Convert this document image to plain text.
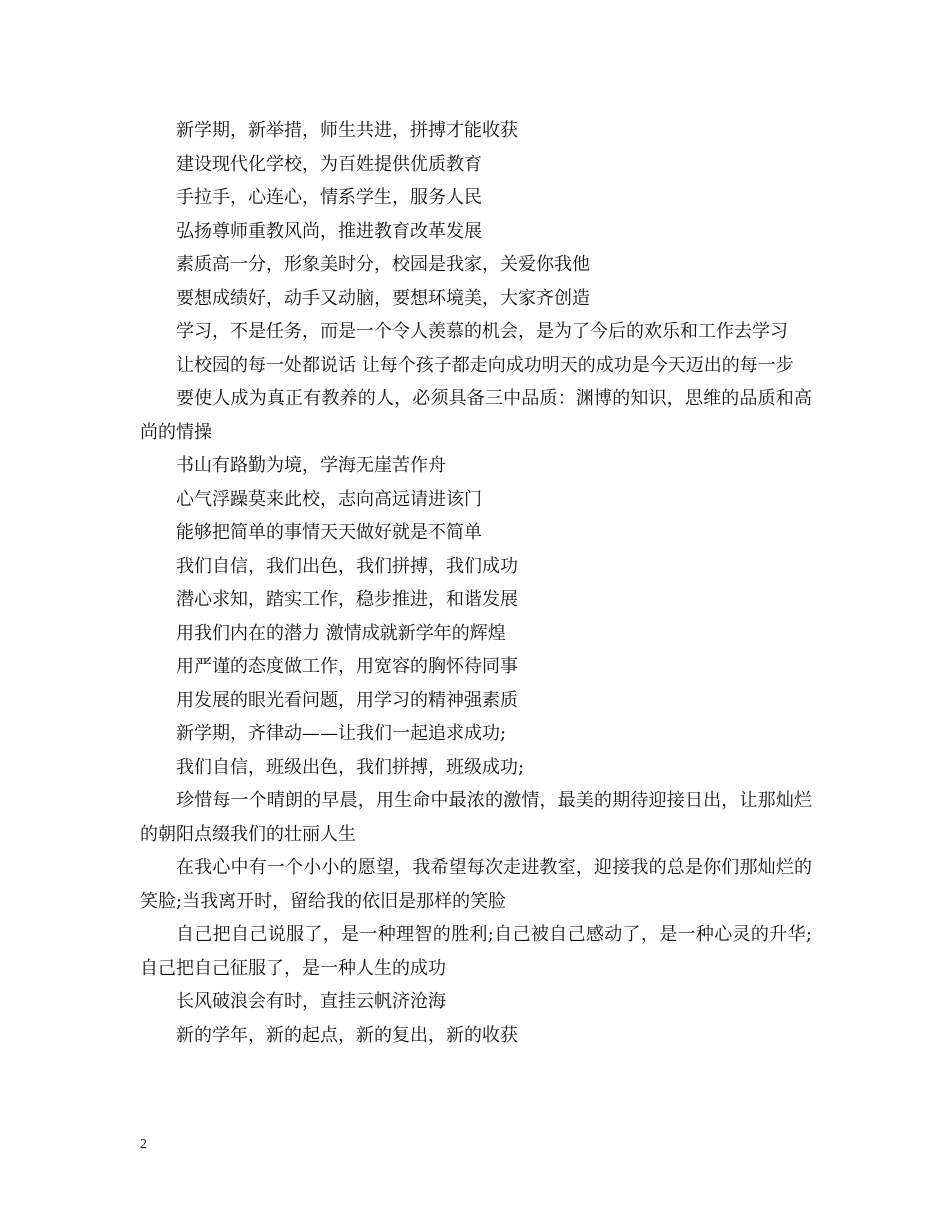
新学期，新举措，师生共进，拼搏才能收获

建设现代化学校，为百姓提供优质教育

手拉手，心连心，情系学生，服务人民

弘扬尊师重教风尚，推进教育改革发展

素质高一分，形象美时分，校园是我家，关爱你我他

要想成绩好，动手又动脑，要想环境美，大家齐创造

学习，不是任务，而是一个令人羡慕的机会，是为了今后的欢乐和工作去学习

让校园的每一处都说话 让每个孩子都走向成功明天的成功是今天迈出的每一步

要使人成为真正有教养的人，必须具备三中品质：渊博的知识，思维的品质和高尚的情操

书山有路勤为境，学海无崖苦作舟

心气浮躁莫来此校，志向高远请进该门

能够把简单的事情天天做好就是不简单

我们自信，我们出色，我们拼搏，我们成功

潜心求知，踏实工作，稳步推进，和谐发展

用我们内在的潜力 激情成就新学年的辉煌

用严谨的态度做工作，用宽容的胸怀待同事

用发展的眼光看问题，用学习的精神强素质

新学期，齐律动——让我们一起追求成功;

我们自信，班级出色，我们拼搏，班级成功;

珍惜每一个晴朗的早晨，用生命中最浓的激情，最美的期待迎接日出，让那灿烂的朝阳点缀我们的壮丽人生

在我心中有一个小小的愿望，我希望每次走进教室，迎接我的总是你们那灿烂的笑脸;当我离开时，留给我的依旧是那样的笑脸

自己把自己说服了，是一种理智的胜利;自己被自己感动了，是一种心灵的升华;自己把自己征服了，是一种人生的成功

长风破浪会有时，直挂云帆济沧海

新的学年，新的起点，新的复出，新的收获

2
